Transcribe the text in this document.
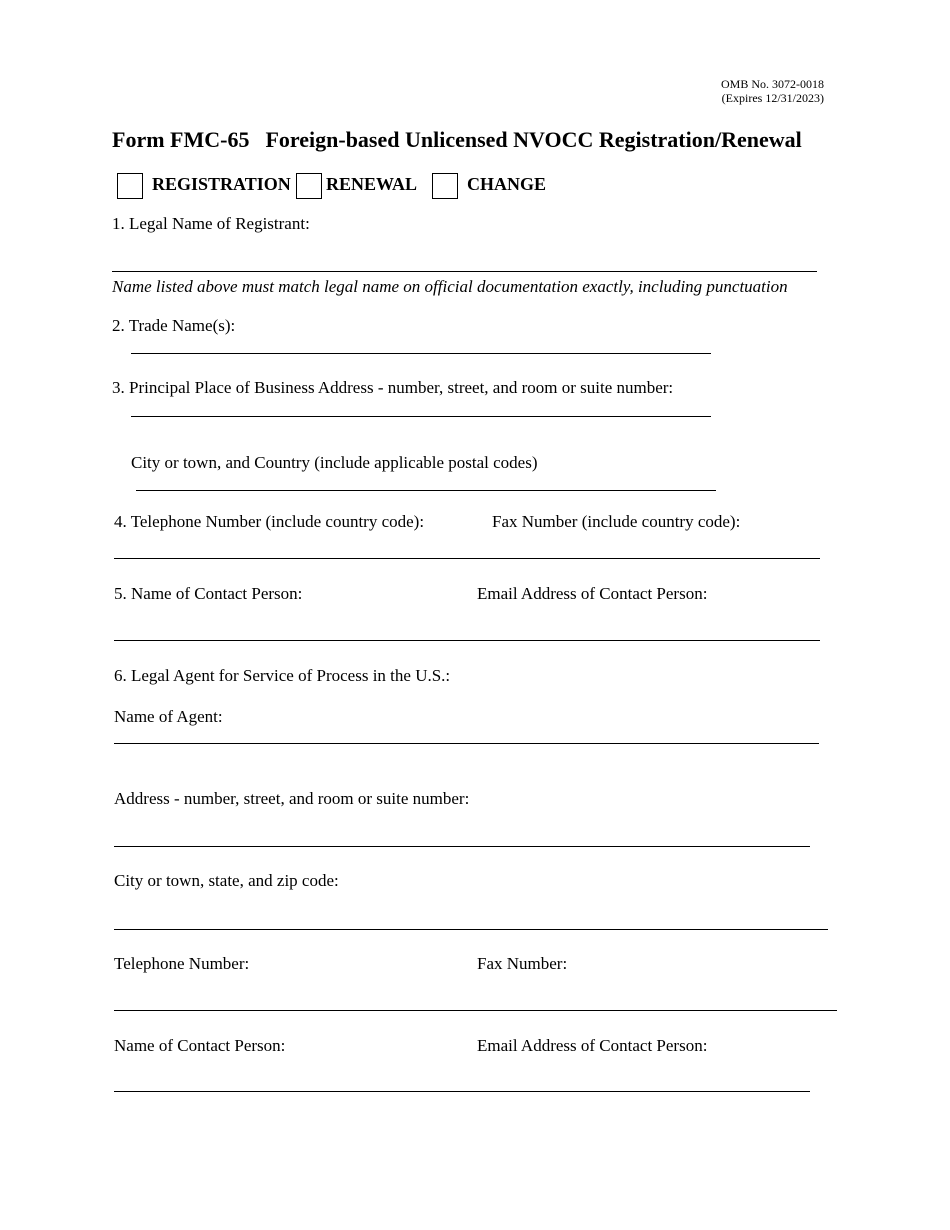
OMB No. 3072-0018
(Expires 12/31/2023)
Form FMC-65 Foreign-based Unlicensed NVOCC Registration/Renewal
REGISTRATION RENEWAL	CHANGE
1. Legal Name of Registrant:
Name listed above must match legal name on official documentation exactly, including punctuation
2. Trade Name(s):
3. Principal Place of Business Address - number, street, and room or suite number:
City or town, and Country (include applicable postal codes)
4. Telephone Number (include country code):	Fax Number (include country code):
5. Name of Contact Person:	Email Address of Contact Person:
6. Legal Agent for Service of Process in the U.S.:
Name of Agent:
Address - number, street, and room or suite number:
City or town, state, and zip code:
Telephone Number:	Fax Number:
Name of Contact Person:	Email Address of Contact Person:
